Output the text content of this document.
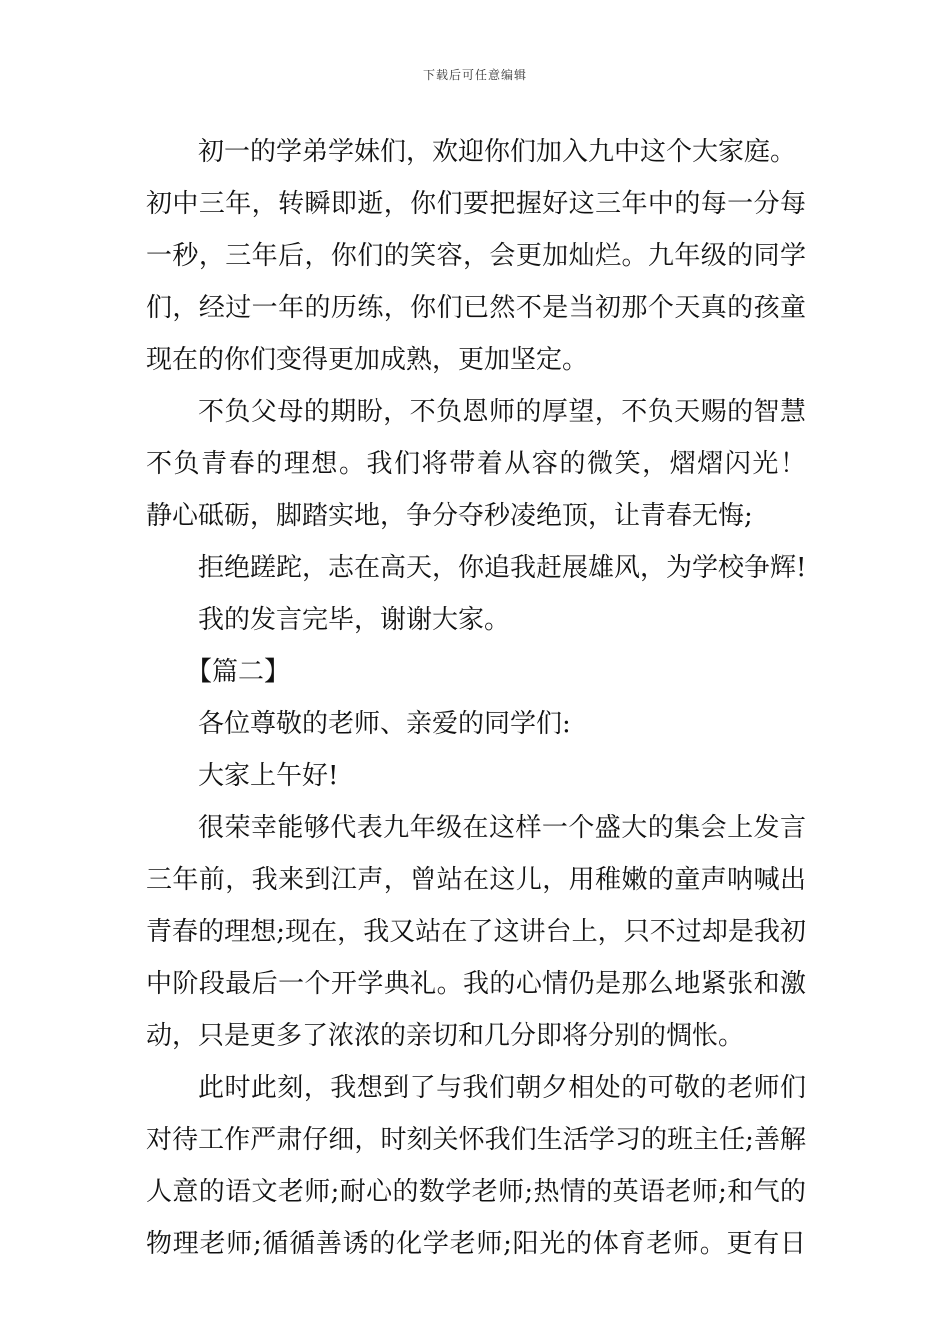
下载后可任意编辑
初一的学弟学妹们，欢迎你们加入九中这个大家庭。
初中三年，转瞬即逝，你们要把握好这三年中的每一分每
一秒，三年后，你们的笑容，会更加灿烂。九年级的同学
们，经过一年的历练，你们已然不是当初那个天真的孩童
现在的你们变得更加成熟，更加坚定。
不负父母的期盼，不负恩师的厚望，不负天赐的智慧
不负青春的理想。我们将带着从容的微笑，熠熠闪光！
静心砥砺，脚踏实地，争分夺秒凌绝顶，让青春无悔;
拒绝蹉跎，志在高天，你追我赶展雄风，为学校争辉!
我的发言完毕，谢谢大家。
【篇二】
各位尊敬的老师、亲爱的同学们:
大家上午好!
很荣幸能够代表九年级在这样一个盛大的集会上发言
三年前，我来到江声，曾站在这儿，用稚嫩的童声呐喊出
青春的理想;现在，我又站在了这讲台上，只不过却是我初
中阶段最后一个开学典礼。我的心情仍是那么地紧张和激
动，只是更多了浓浓的亲切和几分即将分别的惆怅。
此时此刻，我想到了与我们朝夕相处的可敬的老师们
对待工作严肃仔细，时刻关怀我们生活学习的班主任;善解
人意的语文老师;耐心的数学老师;热情的英语老师;和气的
物理老师;循循善诱的化学老师;阳光的体育老师。更有日
